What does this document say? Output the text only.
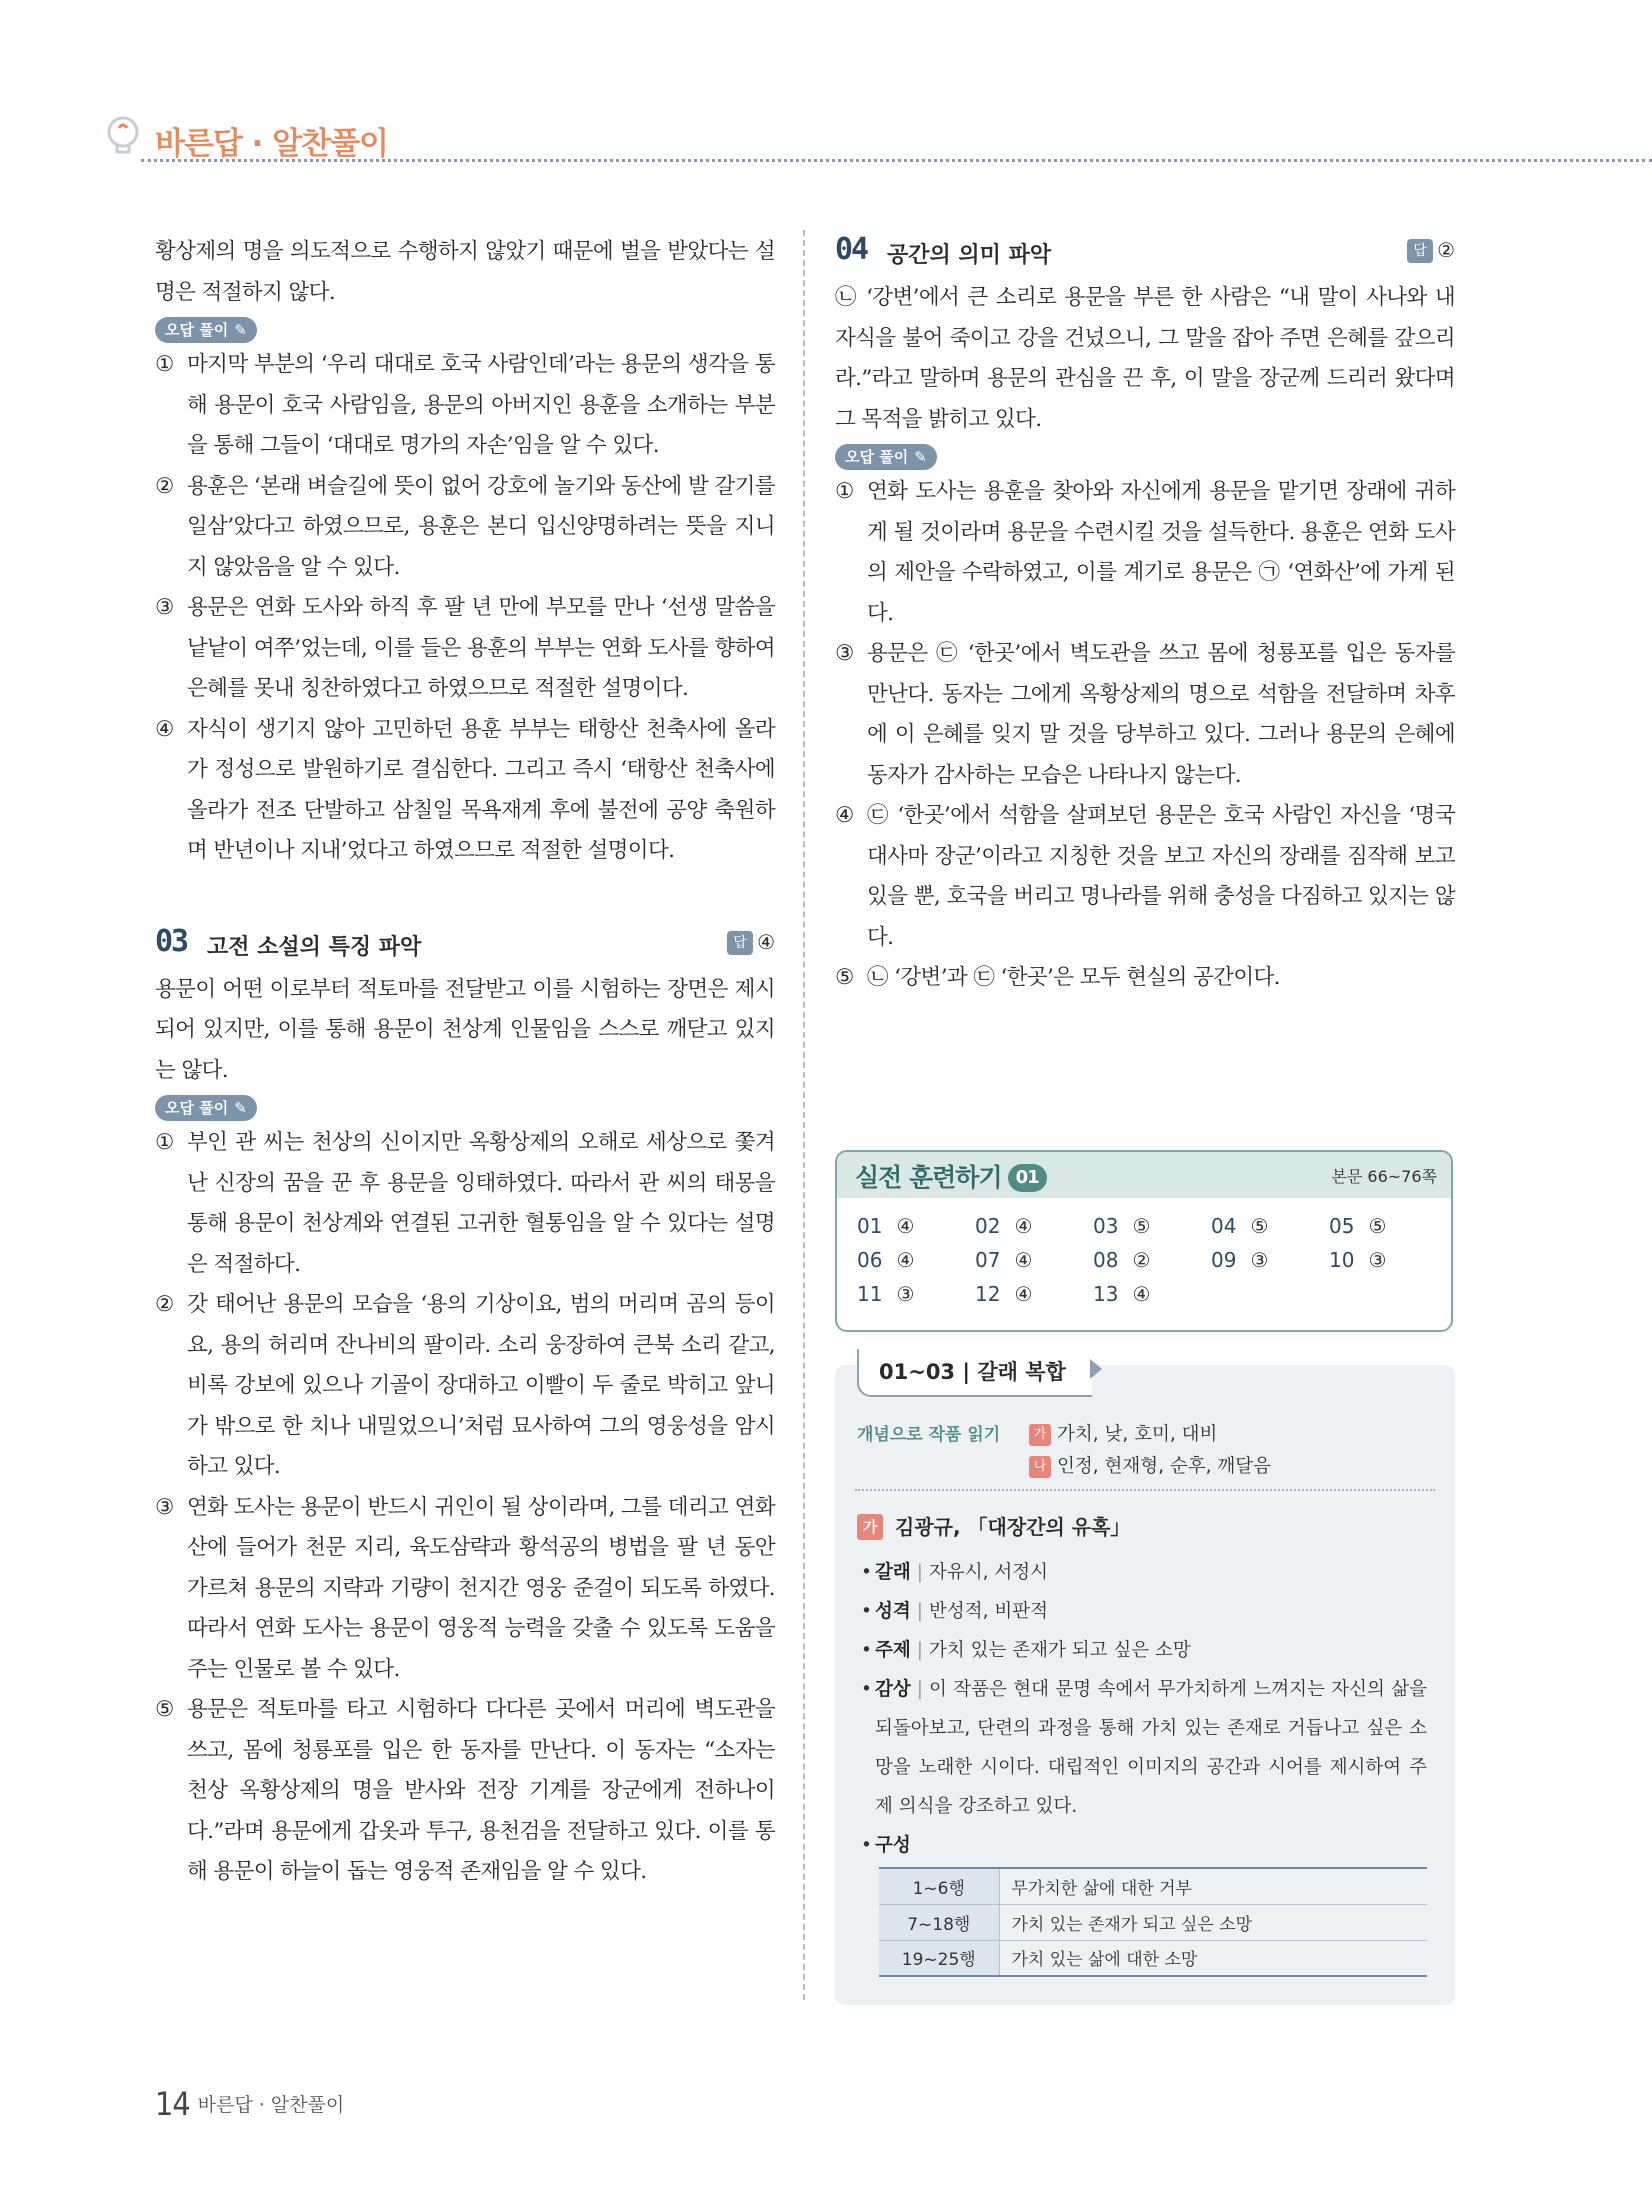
바른답 · 알찬풀이
황상제의 명을 의도적으로 수행하지 않았기 때문에 벌을 받았다는 설명은 적절하지 않다.
오답 풀이 ✎
① 마지막 부분의 ‘우리 대대로 호국 사람인데’라는 용문의 생각을 통해 용문이 호국 사람임을, 용문의 아버지인 용훈을 소개하는 부분을 통해 그들이 ‘대대로 명가의 자손’임을 알 수 있다.
② 용훈은 ‘본래 벼슬길에 뜻이 없어 강호에 놀기와 동산에 발 갈기를 일삼’았다고 하였으므로, 용훈은 본디 입신양명하려는 뜻을 지니지 않았음을 알 수 있다.
③ 용문은 연화 도사와 하직 후 팔 년 만에 부모를 만나 ‘선생 말씀을 낱낱이 여쭈’었는데, 이를 들은 용훈의 부부는 연화 도사를 향하여 은혜를 못내 칭찬하였다고 하였으므로 적절한 설명이다.
④ 자식이 생기지 않아 고민하던 용훈 부부는 태항산 천축사에 올라가 정성으로 발원하기로 결심한다. 그리고 즉시 ‘태항산 천축사에 올라가 전조 단발하고 삼칠일 목욕재계 후에 불전에 공양 축원하며 반년이나 지내’었다고 하였으므로 적절한 설명이다.
03 고전 소설의 특징 파악	답 ④
용문이 어떤 이로부터 적토마를 전달받고 이를 시험하는 장면은 제시되어 있지만, 이를 통해 용문이 천상계 인물임을 스스로 깨닫고 있지는 않다.
오답 풀이 ✎
① 부인 관 씨는 천상의 신이지만 옥황상제의 오해로 세상으로 쫓겨난 신장의 꿈을 꾼 후 용문을 잉태하였다. 따라서 관 씨의 태몽을 통해 용문이 천상계와 연결된 고귀한 혈통임을 알 수 있다는 설명은 적절하다.
② 갓 태어난 용문의 모습을 ‘용의 기상이요, 범의 머리며 곰의 등이요, 용의 허리며 잔나비의 팔이라. 소리 웅장하여 큰북 소리 같고, 비록 강보에 있으나 기골이 장대하고 이빨이 두 줄로 박히고 앞니가 밖으로 한 치나 내밀었으니’처럼 묘사하여 그의 영웅성을 암시하고 있다.
③ 연화 도사는 용문이 반드시 귀인이 될 상이라며, 그를 데리고 연화산에 들어가 천문 지리, 육도삼략과 황석공의 병법을 팔 년 동안 가르쳐 용문의 지략과 기량이 천지간 영웅 준걸이 되도록 하였다. 따라서 연화 도사는 용문이 영웅적 능력을 갖출 수 있도록 도움을 주는 인물로 볼 수 있다.
⑤ 용문은 적토마를 타고 시험하다 다다른 곳에서 머리에 벽도관을 쓰고, 몸에 청룡포를 입은 한 동자를 만난다. 이 동자는 “소자는 천상 옥황상제의 명을 받사와 전장 기계를 장군에게 전하나이다.”라며 용문에게 갑옷과 투구, 용천검을 전달하고 있다. 이를 통해 용문이 하늘이 돕는 영웅적 존재임을 알 수 있다.
04 공간의 의미 파악	답 ②
㉡ ‘강변’에서 큰 소리로 용문을 부른 한 사람은 “내 말이 사나와 내 자식을 불어 죽이고 강을 건넜으니, 그 말을 잡아 주면 은혜를 갚으리라.”라고 말하며 용문의 관심을 끈 후, 이 말을 장군께 드리러 왔다며 그 목적을 밝히고 있다.
오답 풀이 ✎
① 연화 도사는 용훈을 찾아와 자신에게 용문을 맡기면 장래에 귀하게 될 것이라며 용문을 수련시킬 것을 설득한다. 용훈은 연화 도사의 제안을 수락하였고, 이를 계기로 용문은 ㉠ ‘연화산’에 가게 된다.
③ 용문은 ㉢ ‘한곳’에서 벽도관을 쓰고 몸에 청룡포를 입은 동자를 만난다. 동자는 그에게 옥황상제의 명으로 석함을 전달하며 차후에 이 은혜를 잊지 말 것을 당부하고 있다. 그러나 용문의 은혜에 동자가 감사하는 모습은 나타나지 않는다.
④ ㉢ ‘한곳’에서 석함을 살펴보던 용문은 호국 사람인 자신을 ‘명국 대사마 장군’이라고 지칭한 것을 보고 자신의 장래를 짐작해 보고 있을 뿐, 호국을 버리고 명나라를 위해 충성을 다짐하고 있지는 않다.
⑤ ㉡ ‘강변’과 ㉢ ‘한곳’은 모두 현실의 공간이다.
실전 훈련하기 01	본문 66~76쪽
01 ④	02 ④	03 ⑤	04 ⑤	05 ⑤
06 ④	07 ④	08 ②	09 ③	10 ③
11 ③	12 ④	13 ④
01~03 | 갈래 복합
개념으로 작품 읽기	가 가치, 낮, 호미, 대비
나 인정, 현재형, 순후, 깨달음
가 김광규, 「대장간의 유혹」
• 갈래 | 자유시, 서정시
• 성격 | 반성적, 비판적
• 주제 | 가치 있는 존재가 되고 싶은 소망
• 감상 | 이 작품은 현대 문명 속에서 무가치하게 느껴지는 자신의 삶을 되돌아보고, 단련의 과정을 통해 가치 있는 존재로 거듭나고 싶은 소망을 노래한 시이다. 대립적인 이미지의 공간과 시어를 제시하여 주제 의식을 강조하고 있다.
• 구성
1~6행	무가치한 삶에 대한 거부
7~18행	가치 있는 존재가 되고 싶은 소망
19~25행	가치 있는 삶에 대한 소망
14 바른답 · 알찬풀이
